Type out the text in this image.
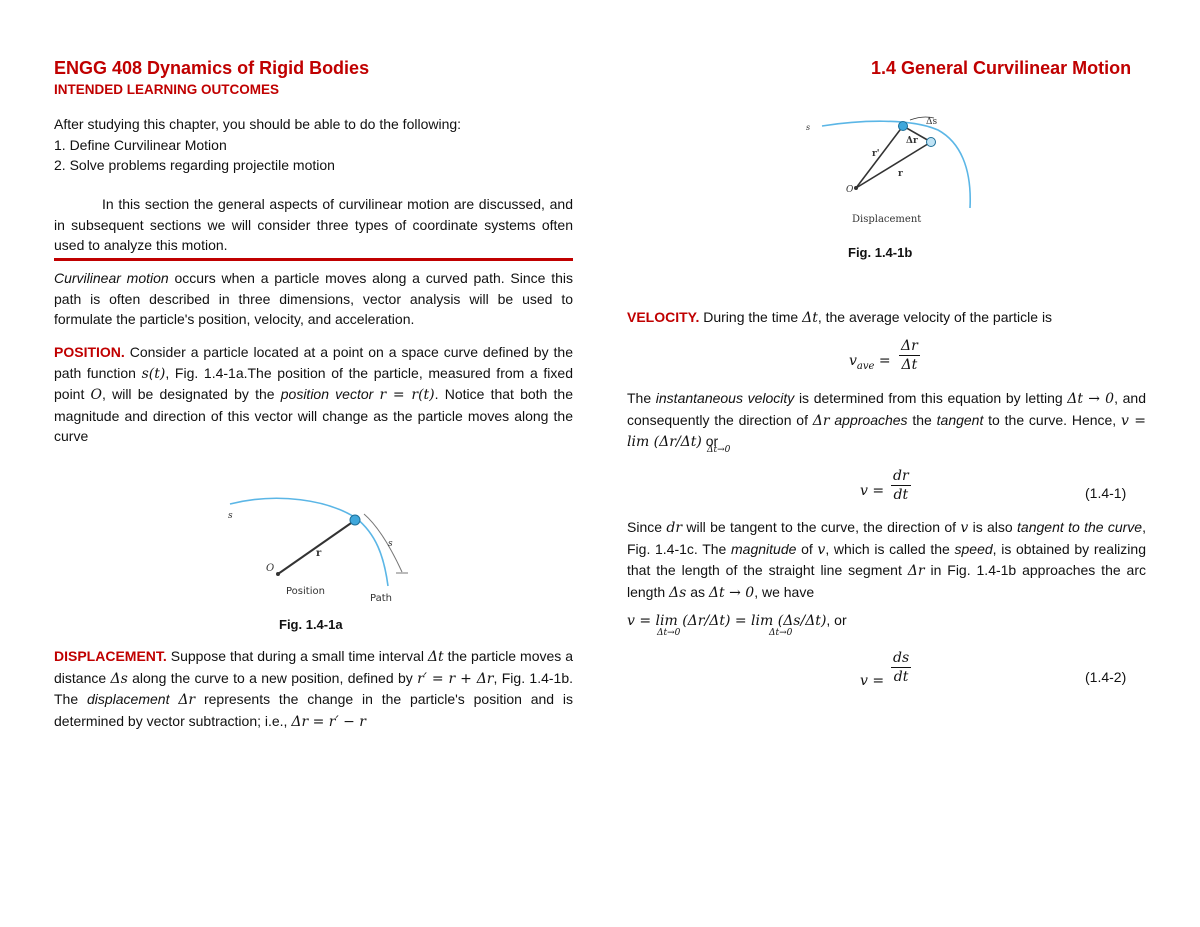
ENGG 408 Dynamics of Rigid Bodies	1.4 General Curvilinear Motion
INTENDED LEARNING OUTCOMES
After studying this chapter, you should be able to do the following:
1. Define Curvilinear Motion
2. Solve problems regarding projectile motion

In this section the general aspects of curvilinear motion are discussed, and in subsequent sections we will consider three types of coordinate systems often used to analyze this motion.

Curvilinear motion occurs when a particle moves along a curved path. Since this path is often described in three dimensions, vector analysis will be used to formulate the particle's position, velocity, and acceleration.

POSITION. Consider a particle located at a point on a space curve defined by the path function s(t), Fig. 1.4-1a.The position of the particle, measured from a fixed point O, will be designated by the position vector r = r(t). Notice that both the magnitude and direction of this vector will change as the particle moves along the curve

s
O
r
s
Position
Path
Fig. 1.4-1a

DISPLACEMENT. Suppose that during a small time interval Δt the particle moves a distance Δs along the curve to a new position, defined by r′ = r + Δr, Fig. 1.4-1b. The displacement Δr represents the change in the particle's position and is determined by vector subtraction; i.e., Δr = r′ − r

s
Δs
Δr
r'
r
O
Displacement
Fig. 1.4-1b

VELOCITY. During the time Δt, the average velocity of the particle is

$v_{ave} = \frac{\Delta r}{\Delta t}$

The instantaneous velocity is determined from this equation by letting Δt → 0, and consequently the direction of Δr approaches the tangent to the curve. Hence, v = lim (Δr/Δt) or

Δt→0
$v = \frac{dr}{dt}$	(1.4-1)

Since dr will be tangent to the curve, the direction of v is also tangent to the curve, Fig. 1.4-1c. The magnitude of v, which is called the speed, is obtained by realizing that the length of the straight line segment Δr in Fig. 1.4-1b approaches the arc length Δs as Δt → 0, we have

v = lim (Δr/Δt) = lim (Δs/Δt), or
Δt→0	Δt→0
$v = \frac{ds}{dt}$	(1.4-2)
